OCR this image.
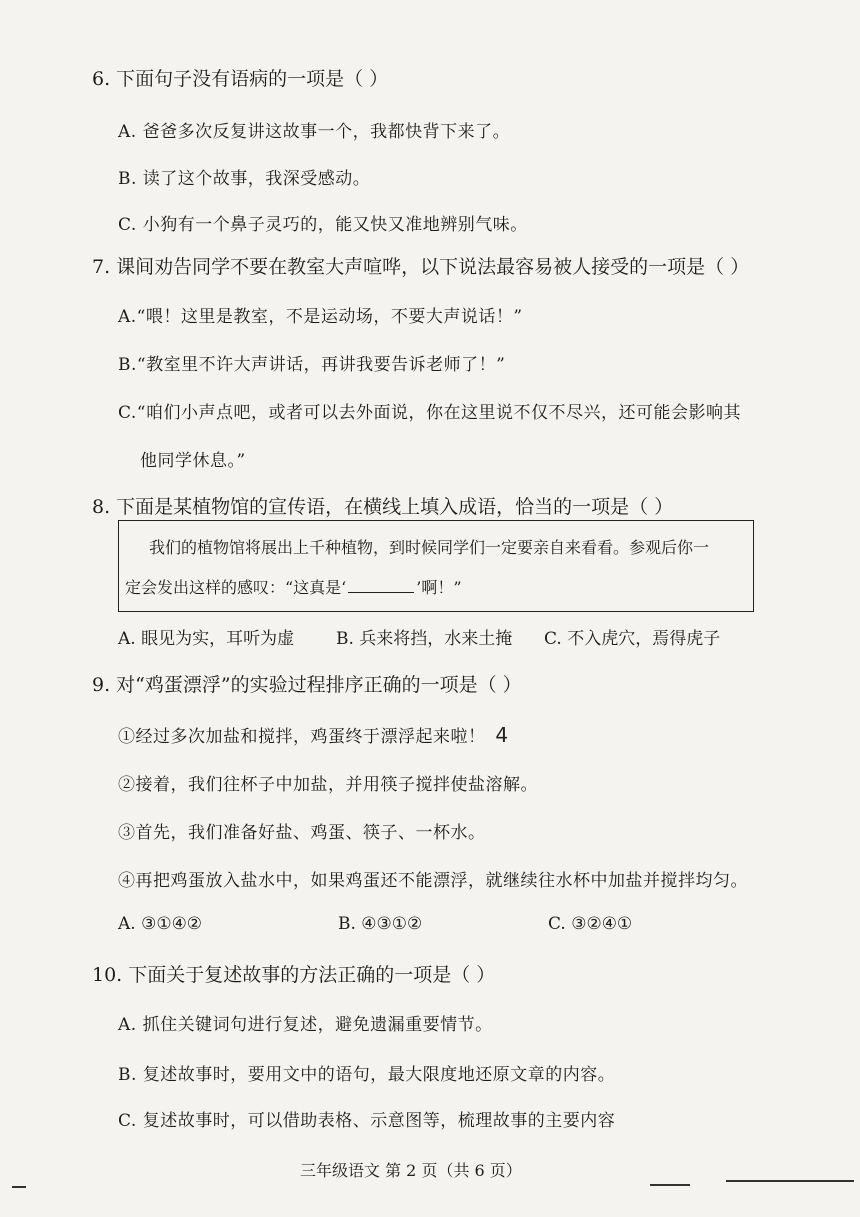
6. 下面句子没有语病的一项是（ ）
A. 爸爸多次反复讲这故事一个，我都快背下来了。
B. 读了这个故事，我深受感动。
C. 小狗有一个鼻子灵巧的，能又快又准地辨别气味。
7. 课间劝告同学不要在教室大声喧哗，以下说法最容易被人接受的一项是（ ）
A.“喂！这里是教室，不是运动场，不要大声说话！”
B.“教室里不许大声讲话，再讲我要告诉老师了！”
C.“咱们小声点吧，或者可以去外面说，你在这里说不仅不尽兴，还可能会影响其
他同学休息。”
8. 下面是某植物馆的宣传语，在横线上填入成语，恰当的一项是（ ）
我们的植物馆将展出上千种植物，到时候同学们一定要亲自来看看。参观后你一
定会发出这样的感叹：“这真是‘	’啊！”
A. 眼见为实，耳听为虚 B. 兵来将挡，水来土掩 C. 不入虎穴，焉得虎子
9. 对“鸡蛋漂浮”的实验过程排序正确的一项是（ ）
①经过多次加盐和搅拌，鸡蛋终于漂浮起来啦！ 4
②接着，我们往杯子中加盐，并用筷子搅拌使盐溶解。
③首先，我们准备好盐、鸡蛋、筷子、一杯水。
④再把鸡蛋放入盐水中，如果鸡蛋还不能漂浮，就继续往水杯中加盐并搅拌均匀。
A. ③①④②	B. ④③①②	C. ③②④①
10. 下面关于复述故事的方法正确的一项是（ ）
A. 抓住关键词句进行复述，避免遗漏重要情节。
B. 复述故事时，要用文中的语句，最大限度地还原文章的内容。
C. 复述故事时，可以借助表格、示意图等，梳理故事的主要内容
三年级语文 第 2 页（共 6 页）
